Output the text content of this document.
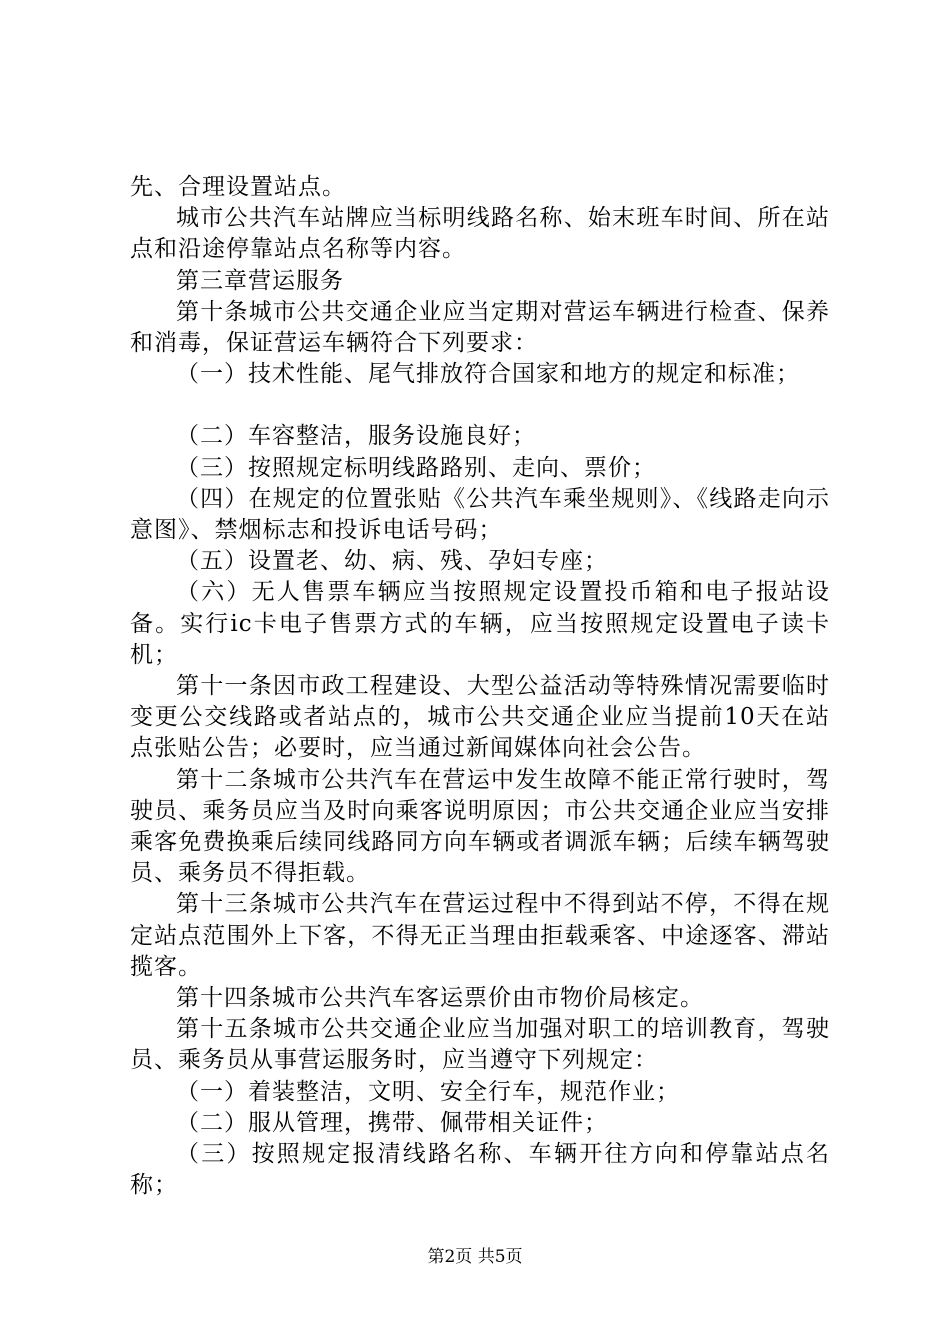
先、合理设置站点。

城市公共汽车站牌应当标明线路名称、始末班车时间、所在站点和沿途停靠站点名称等内容。

第三章营运服务

第十条城市公共交通企业应当定期对营运车辆进行检查、保养和消毒，保证营运车辆符合下列要求：

（一）技术性能、尾气排放符合国家和地方的规定和标准；

（二）车容整洁，服务设施良好；

（三）按照规定标明线路路别、走向、票价；

（四）在规定的位置张贴《公共汽车乘坐规则》、《线路走向示意图》、禁烟标志和投诉电话号码；

（五）设置老、幼、病、残、孕妇专座；

（六）无人售票车辆应当按照规定设置投币箱和电子报站设备。实行ic卡电子售票方式的车辆，应当按照规定设置电子读卡机；

第十一条因市政工程建设、大型公益活动等特殊情况需要临时变更公交线路或者站点的，城市公共交通企业应当提前10天在站点张贴公告；必要时，应当通过新闻媒体向社会公告。

第十二条城市公共汽车在营运中发生故障不能正常行驶时，驾驶员、乘务员应当及时向乘客说明原因；市公共交通企业应当安排乘客免费换乘后续同线路同方向车辆或者调派车辆；后续车辆驾驶员、乘务员不得拒载。

第十三条城市公共汽车在营运过程中不得到站不停，不得在规定站点范围外上下客，不得无正当理由拒载乘客、中途逐客、滞站揽客。

第十四条城市公共汽车客运票价由市物价局核定。

第十五条城市公共交通企业应当加强对职工的培训教育，驾驶员、乘务员从事营运服务时，应当遵守下列规定：

（一）着装整洁，文明、安全行车，规范作业；

（二）服从管理，携带、佩带相关证件；

（三）按照规定报清线路名称、车辆开往方向和停靠站点名称；

第2页 共5页
